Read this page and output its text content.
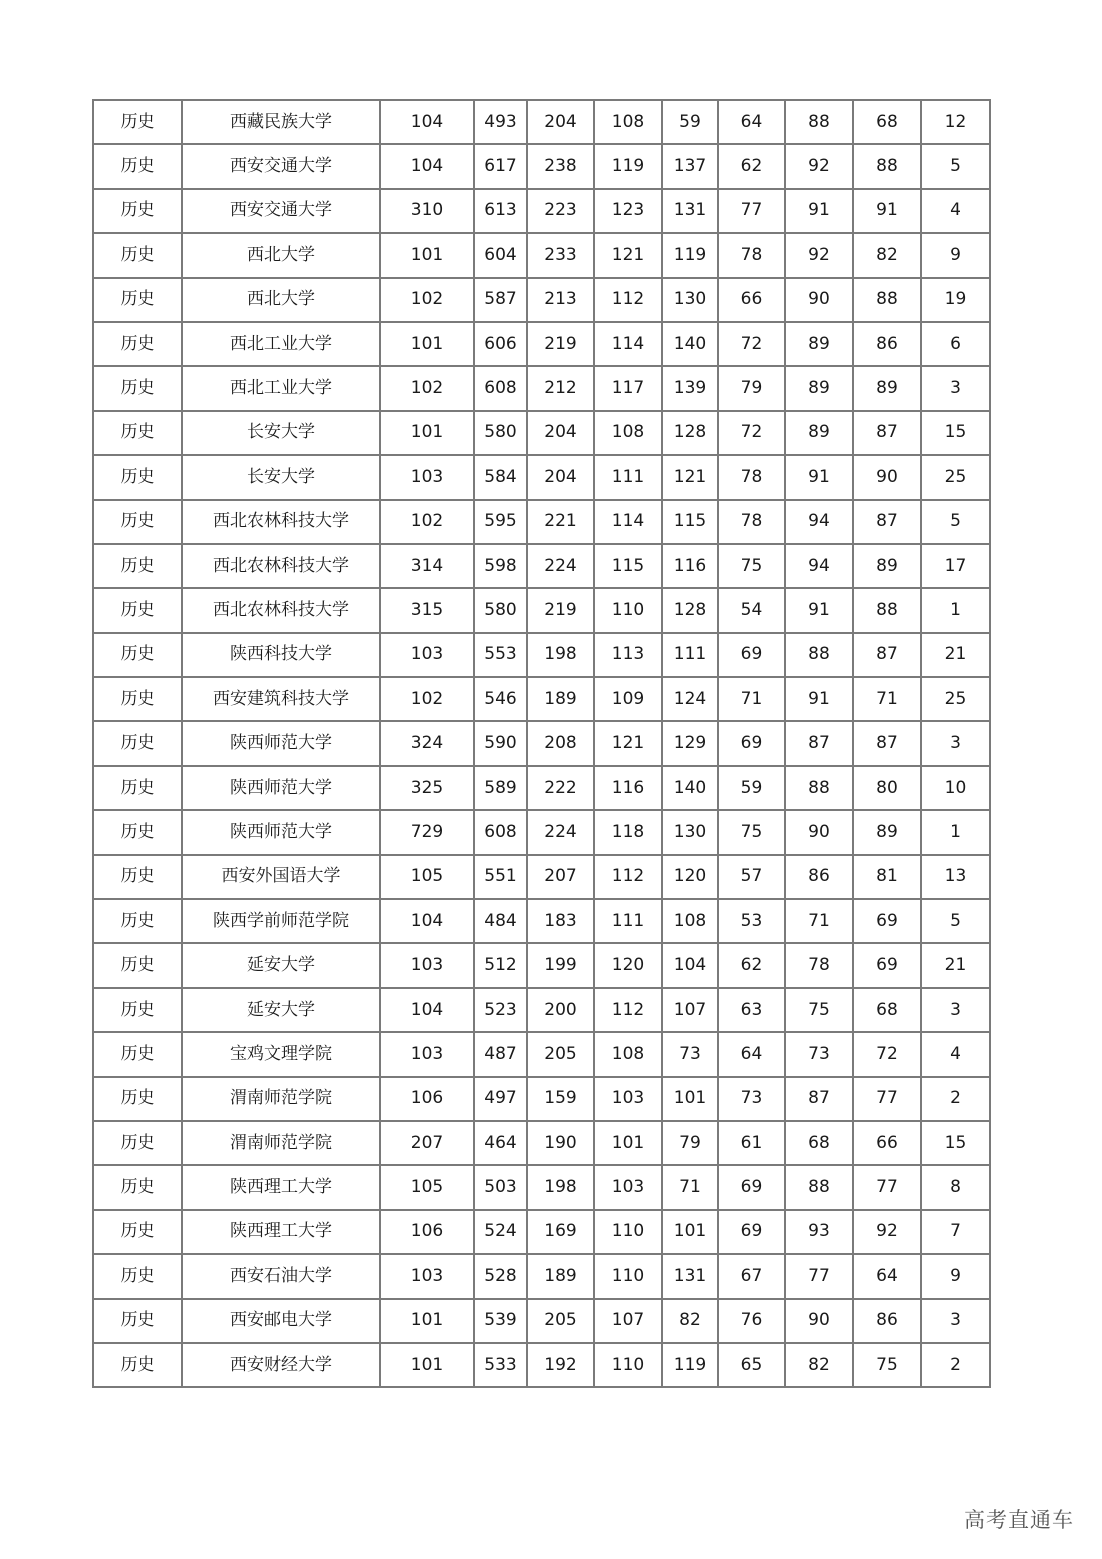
历史	西藏民族大学	104	493	204	108	59	64	88	68	12
历史	西安交通大学	104	617	238	119	137	62	92	88	5
历史	西安交通大学	310	613	223	123	131	77	91	91	4
历史	西北大学	101	604	233	121	119	78	92	82	9
历史	西北大学	102	587	213	112	130	66	90	88	19
历史	西北工业大学	101	606	219	114	140	72	89	86	6
历史	西北工业大学	102	608	212	117	139	79	89	89	3
历史	长安大学	101	580	204	108	128	72	89	87	15
历史	长安大学	103	584	204	111	121	78	91	90	25
历史	西北农林科技大学	102	595	221	114	115	78	94	87	5
历史	西北农林科技大学	314	598	224	115	116	75	94	89	17
历史	西北农林科技大学	315	580	219	110	128	54	91	88	1
历史	陕西科技大学	103	553	198	113	111	69	88	87	21
历史	西安建筑科技大学	102	546	189	109	124	71	91	71	25
历史	陕西师范大学	324	590	208	121	129	69	87	87	3
历史	陕西师范大学	325	589	222	116	140	59	88	80	10
历史	陕西师范大学	729	608	224	118	130	75	90	89	1
历史	西安外国语大学	105	551	207	112	120	57	86	81	13
历史	陕西学前师范学院	104	484	183	111	108	53	71	69	5
历史	延安大学	103	512	199	120	104	62	78	69	21
历史	延安大学	104	523	200	112	107	63	75	68	3
历史	宝鸡文理学院	103	487	205	108	73	64	73	72	4
历史	渭南师范学院	106	497	159	103	101	73	87	77	2
历史	渭南师范学院	207	464	190	101	79	61	68	66	15
历史	陕西理工大学	105	503	198	103	71	69	88	77	8
历史	陕西理工大学	106	524	169	110	101	69	93	92	7
历史	西安石油大学	103	528	189	110	131	67	77	64	9
历史	西安邮电大学	101	539	205	107	82	76	90	86	3
历史	西安财经大学	101	533	192	110	119	65	82	75	2
高考直通车
